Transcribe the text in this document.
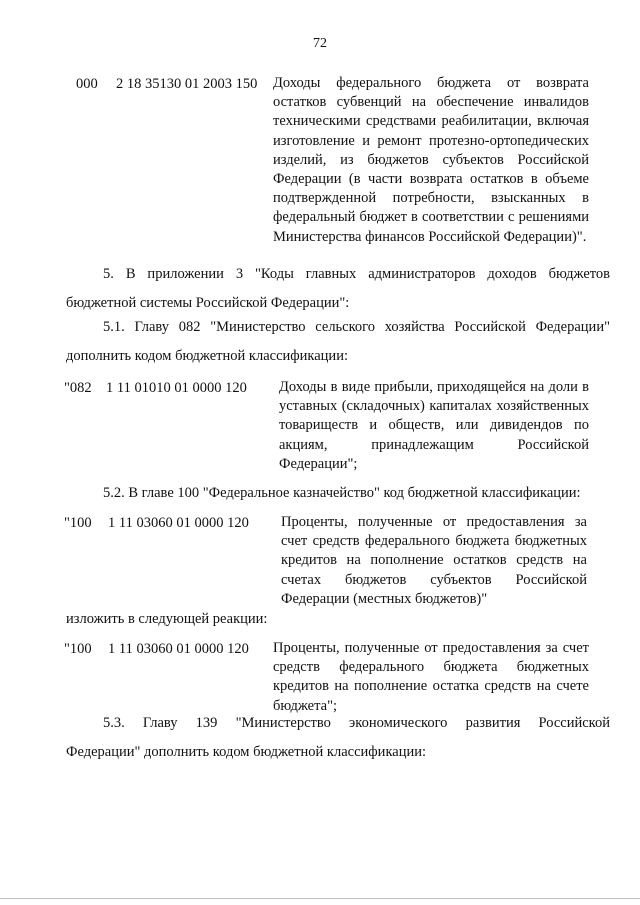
72
000 2 18 35130 01 2003 150 Доходы федерального бюджета от возврата остатков субвенций на обеспечение инвалидов техническими средствами реабилитации, включая изготовление и ремонт протезно-ортопедических изделий, из бюджетов субъектов Российской Федерации (в части возврата остатков в объеме подтвержденной потребности, взысканных в федеральный бюджет в соответствии с решениями Министерства финансов Российской Федерации)".
5. В приложении 3 "Коды главных администраторов доходов бюджетов бюджетной системы Российской Федерации":
5.1. Главу 082 "Министерство сельского хозяйства Российской Федерации" дополнить кодом бюджетной классификации:
"082 1 11 01010 01 0000 120 Доходы в виде прибыли, приходящейся на доли в уставных (складочных) капиталах хозяйственных товариществ и обществ, или дивидендов по акциям, принадлежащим Российской Федерации";
5.2. В главе 100 "Федеральное казначейство" код бюджетной классификации:
"100 1 11 03060 01 0000 120 Проценты, полученные от предоставления за счет средств федерального бюджета бюджетных кредитов на пополнение остатков средств на счетах бюджетов субъектов Российской Федерации (местных бюджетов)"
изложить в следующей реакции:
"100 1 11 03060 01 0000 120 Проценты, полученные от предоставления за счет средств федерального бюджета бюджетных кредитов на пополнение остатка средств на счете бюджета";
5.3. Главу 139 "Министерство экономического развития Российской
Федерации" дополнить кодом бюджетной классификации:
